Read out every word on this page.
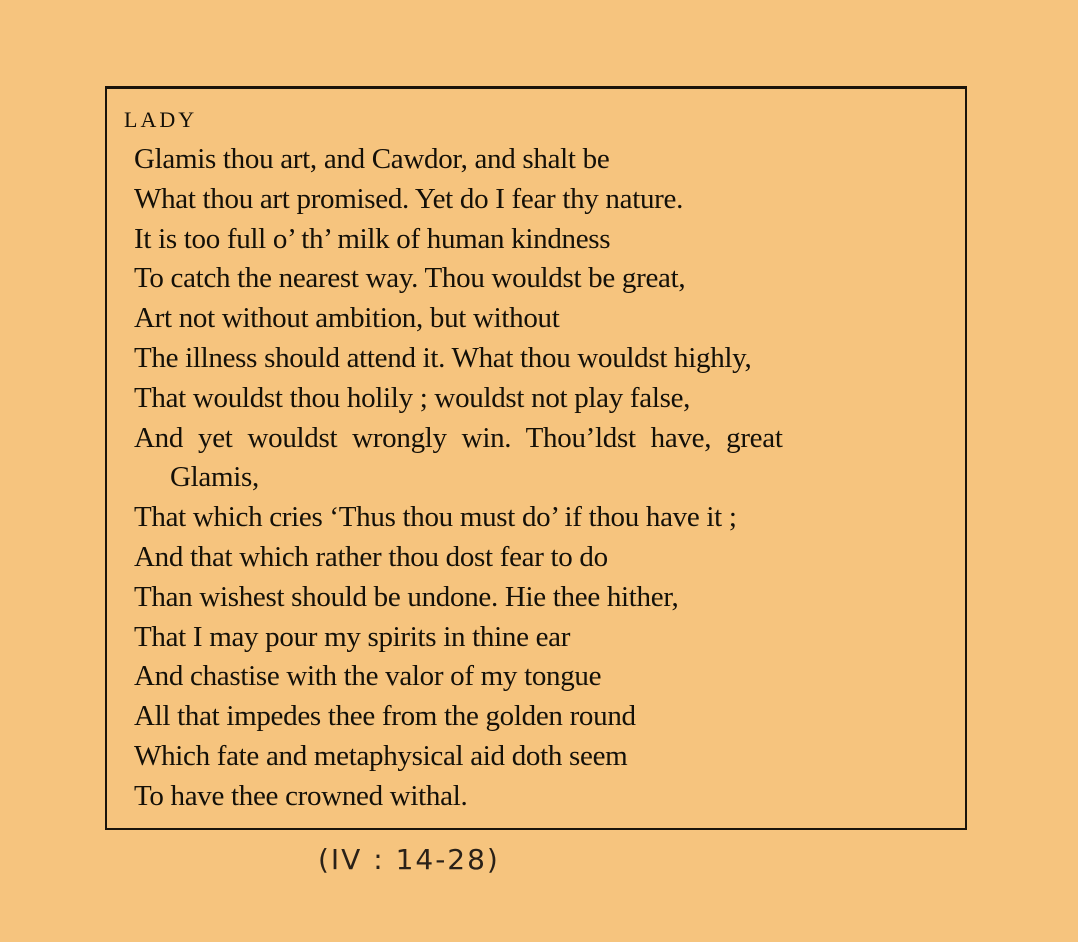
LADY
Glamis thou art, and Cawdor, and shalt be
What thou art promised. Yet do I fear thy nature.
It is too full o’ th’ milk of human kindness
To catch the nearest way. Thou wouldst be great,
Art not without ambition, but without
The illness should attend it. What thou wouldst highly,
That wouldst thou holily ; wouldst not play false,
And yet wouldst wrongly win. Thou’ldst have, great
Glamis,
That which cries ‘Thus thou must do’ if thou have it ;
And that which rather thou dost fear to do
Than wishest should be undone. Hie thee hither,
That I may pour my spirits in thine ear
And chastise with the valor of my tongue
All that impedes thee from the golden round
Which fate and metaphysical aid doth seem
To have thee crowned withal.
(IV : 14-28)
